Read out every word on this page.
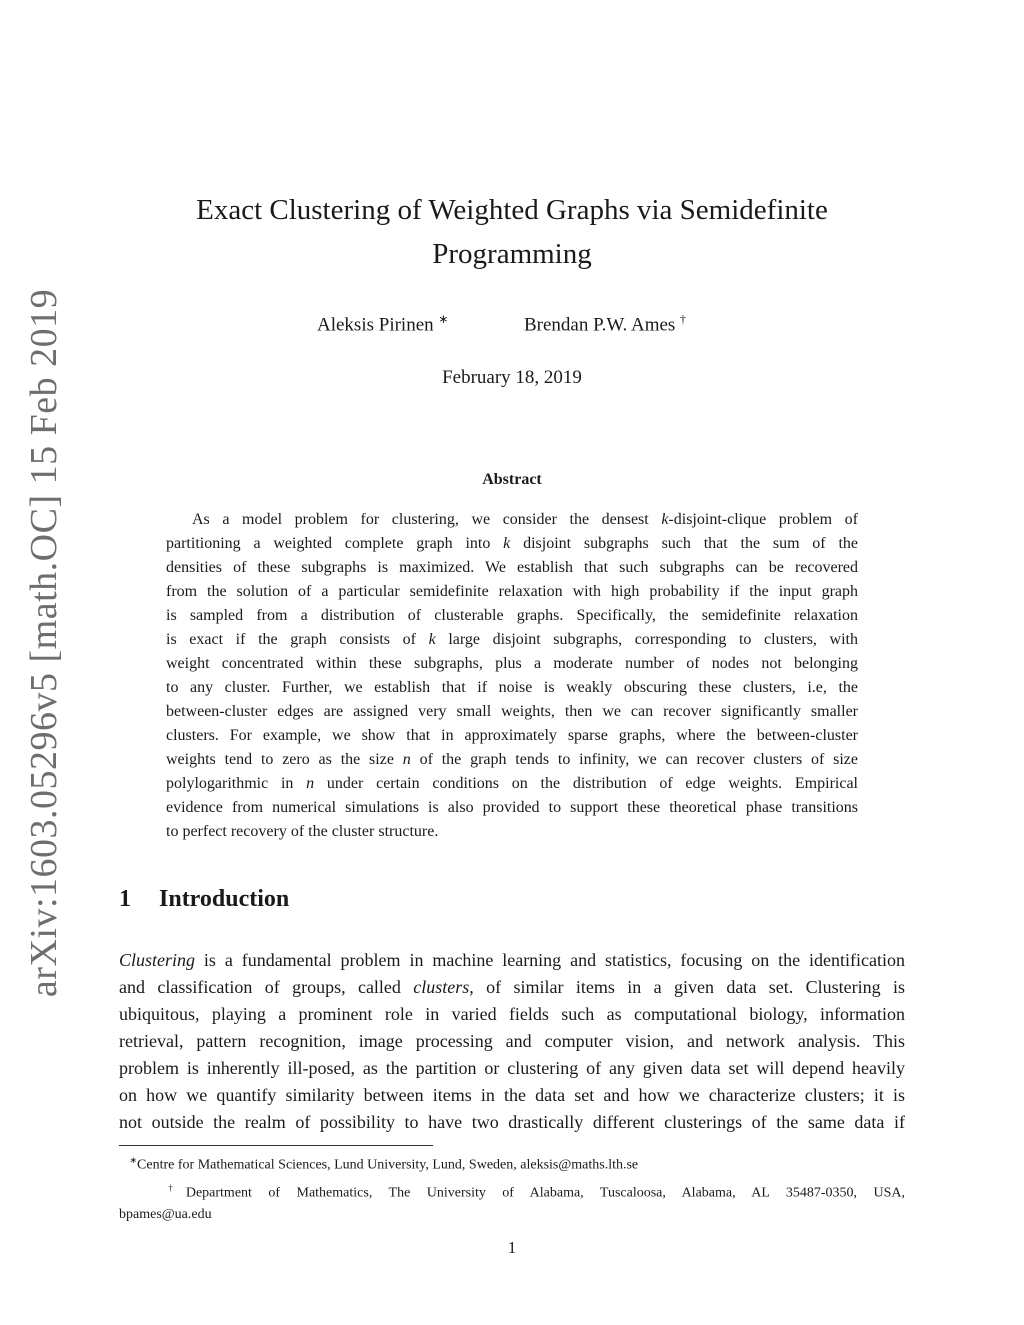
arXiv:1603.05296v5 [math.OC] 15 Feb 2019
Exact Clustering of Weighted Graphs via Semidefinite
Programming
Aleksis Pirinen ∗	Brendan P.W. Ames †
February 18, 2019
Abstract
As a model problem for clustering, we consider the densest k-disjoint-clique problem of
partitioning a weighted complete graph into k disjoint subgraphs such that the sum of the
densities of these subgraphs is maximized. We establish that such subgraphs can be recovered
from the solution of a particular semidefinite relaxation with high probability if the input graph
is sampled from a distribution of clusterable graphs. Specifically, the semidefinite relaxation
is exact if the graph consists of k large disjoint subgraphs, corresponding to clusters, with
weight concentrated within these subgraphs, plus a moderate number of nodes not belonging
to any cluster. Further, we establish that if noise is weakly obscuring these clusters, i.e, the
between-cluster edges are assigned very small weights, then we can recover significantly smaller
clusters. For example, we show that in approximately sparse graphs, where the between-cluster
weights tend to zero as the size n of the graph tends to infinity, we can recover clusters of size
polylogarithmic in n under certain conditions on the distribution of edge weights. Empirical
evidence from numerical simulations is also provided to support these theoretical phase transitions
to perfect recovery of the cluster structure.
1 Introduction
Clustering is a fundamental problem in machine learning and statistics, focusing on the identification
and classification of groups, called clusters, of similar items in a given data set. Clustering is
ubiquitous, playing a prominent role in varied fields such as computational biology, information
retrieval, pattern recognition, image processing and computer vision, and network analysis. This
problem is inherently ill-posed, as the partition or clustering of any given data set will depend heavily
on how we quantify similarity between items in the data set and how we characterize clusters; it is
not outside the realm of possibility to have two drastically different clusterings of the same data if
∗Centre for Mathematical Sciences, Lund University, Lund, Sweden, aleksis@maths.lth.se
†Department of Mathematics, The University of Alabama, Tuscaloosa, Alabama, AL 35487-0350, USA,
bpames@ua.edu
1
